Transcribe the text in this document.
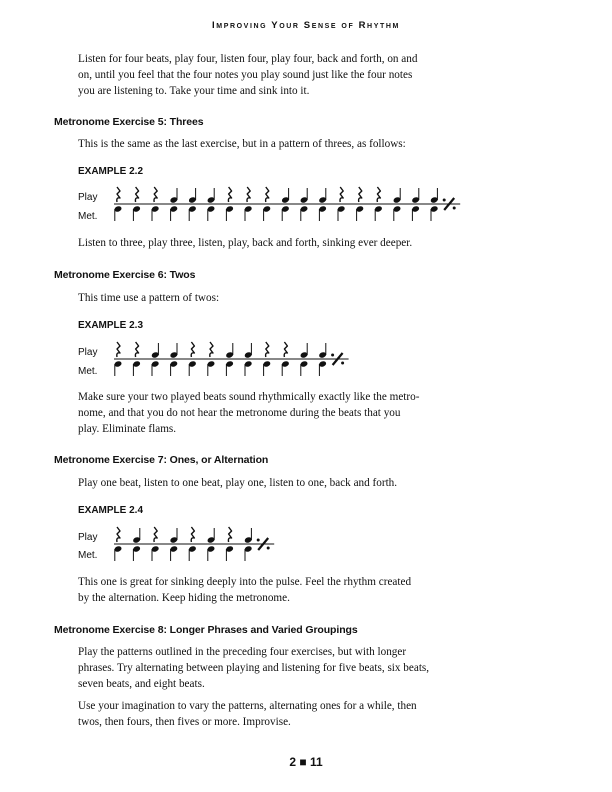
Improving Your Sense of Rhythm

Listen for four beats, play four, listen four, play four, back and forth, on and
on, until you feel that the four notes you play sound just like the four notes
you are listening to. Take your time and sink into it.

Metronome Exercise 5: Threes

This is the same as the last exercise, but in a pattern of threes, as follows:

EXAMPLE 2.2

Play

Met.

Listen to three, play three, listen, play, back and forth, sinking ever deeper.

Metronome Exercise 6: Twos

This time use a pattern of twos:

EXAMPLE 2.3

Play

Met.

Make sure your two played beats sound rhythmically exactly like the metro-
nome, and that you do not hear the metronome during the beats that you
play. Eliminate flams.

Metronome Exercise 7: Ones, or Alternation

Play one beat, listen to one beat, play one, listen to one, back and forth.

EXAMPLE 2.4

Play

Met.

This one is great for sinking deeply into the pulse. Feel the rhythm created
by the alternation. Keep hiding the metronome.

Metronome Exercise 8: Longer Phrases and Varied Groupings

Play the patterns outlined in the preceding four exercises, but with longer
phrases. Try alternating between playing and listening for five beats, six beats,
seven beats, and eight beats.

Use your imagination to vary the patterns, alternating ones for a while, then
twos, then fours, then fives or more. Improvise.

2 ■ 11
